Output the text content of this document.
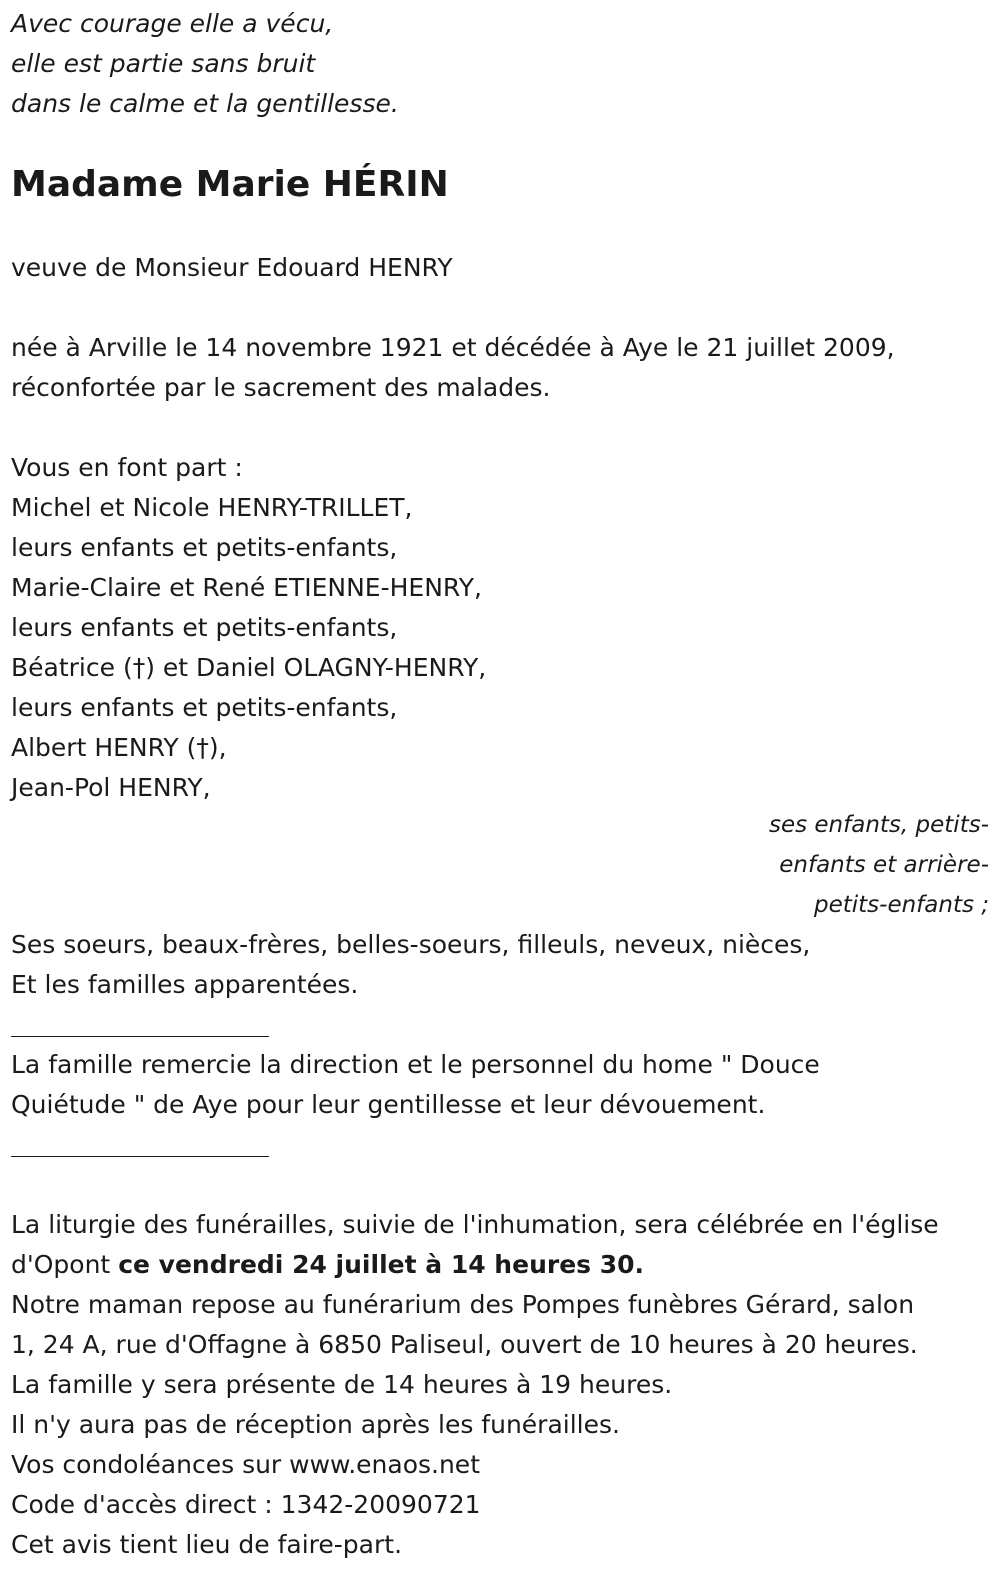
Avec courage elle a vécu,
elle est partie sans bruit
dans le calme et la gentillesse.
Madame Marie HÉRIN
veuve de Monsieur Edouard HENRY
née à Arville le 14 novembre 1921 et décédée à Aye le 21 juillet 2009,
réconfortée par le sacrement des malades.
Vous en font part :
Michel et Nicole HENRY-TRILLET,
leurs enfants et petits-enfants,
Marie-Claire et René ETIENNE-HENRY,
leurs enfants et petits-enfants,
Béatrice (†) et Daniel OLAGNY-HENRY,
leurs enfants et petits-enfants,
Albert HENRY (†),
Jean-Pol HENRY,
ses enfants, petits-
enfants et arrière-
petits-enfants ;
Ses soeurs, beaux-frères, belles-soeurs, filleuls, neveux, nièces,
Et les familles apparentées.
La famille remercie la direction et le personnel du home " Douce
Quiétude " de Aye pour leur gentillesse et leur dévouement.
La liturgie des funérailles, suivie de l'inhumation, sera célébrée en l'église
d'Opont ce vendredi 24 juillet à 14 heures 30.
Notre maman repose au funérarium des Pompes funèbres Gérard, salon
1, 24 A, rue d'Offagne à 6850 Paliseul, ouvert de 10 heures à 20 heures.
La famille y sera présente de 14 heures à 19 heures.
Il n'y aura pas de réception après les funérailles.
Vos condoléances sur www.enaos.net
Code d'accès direct : 1342-20090721
Cet avis tient lieu de faire-part.
